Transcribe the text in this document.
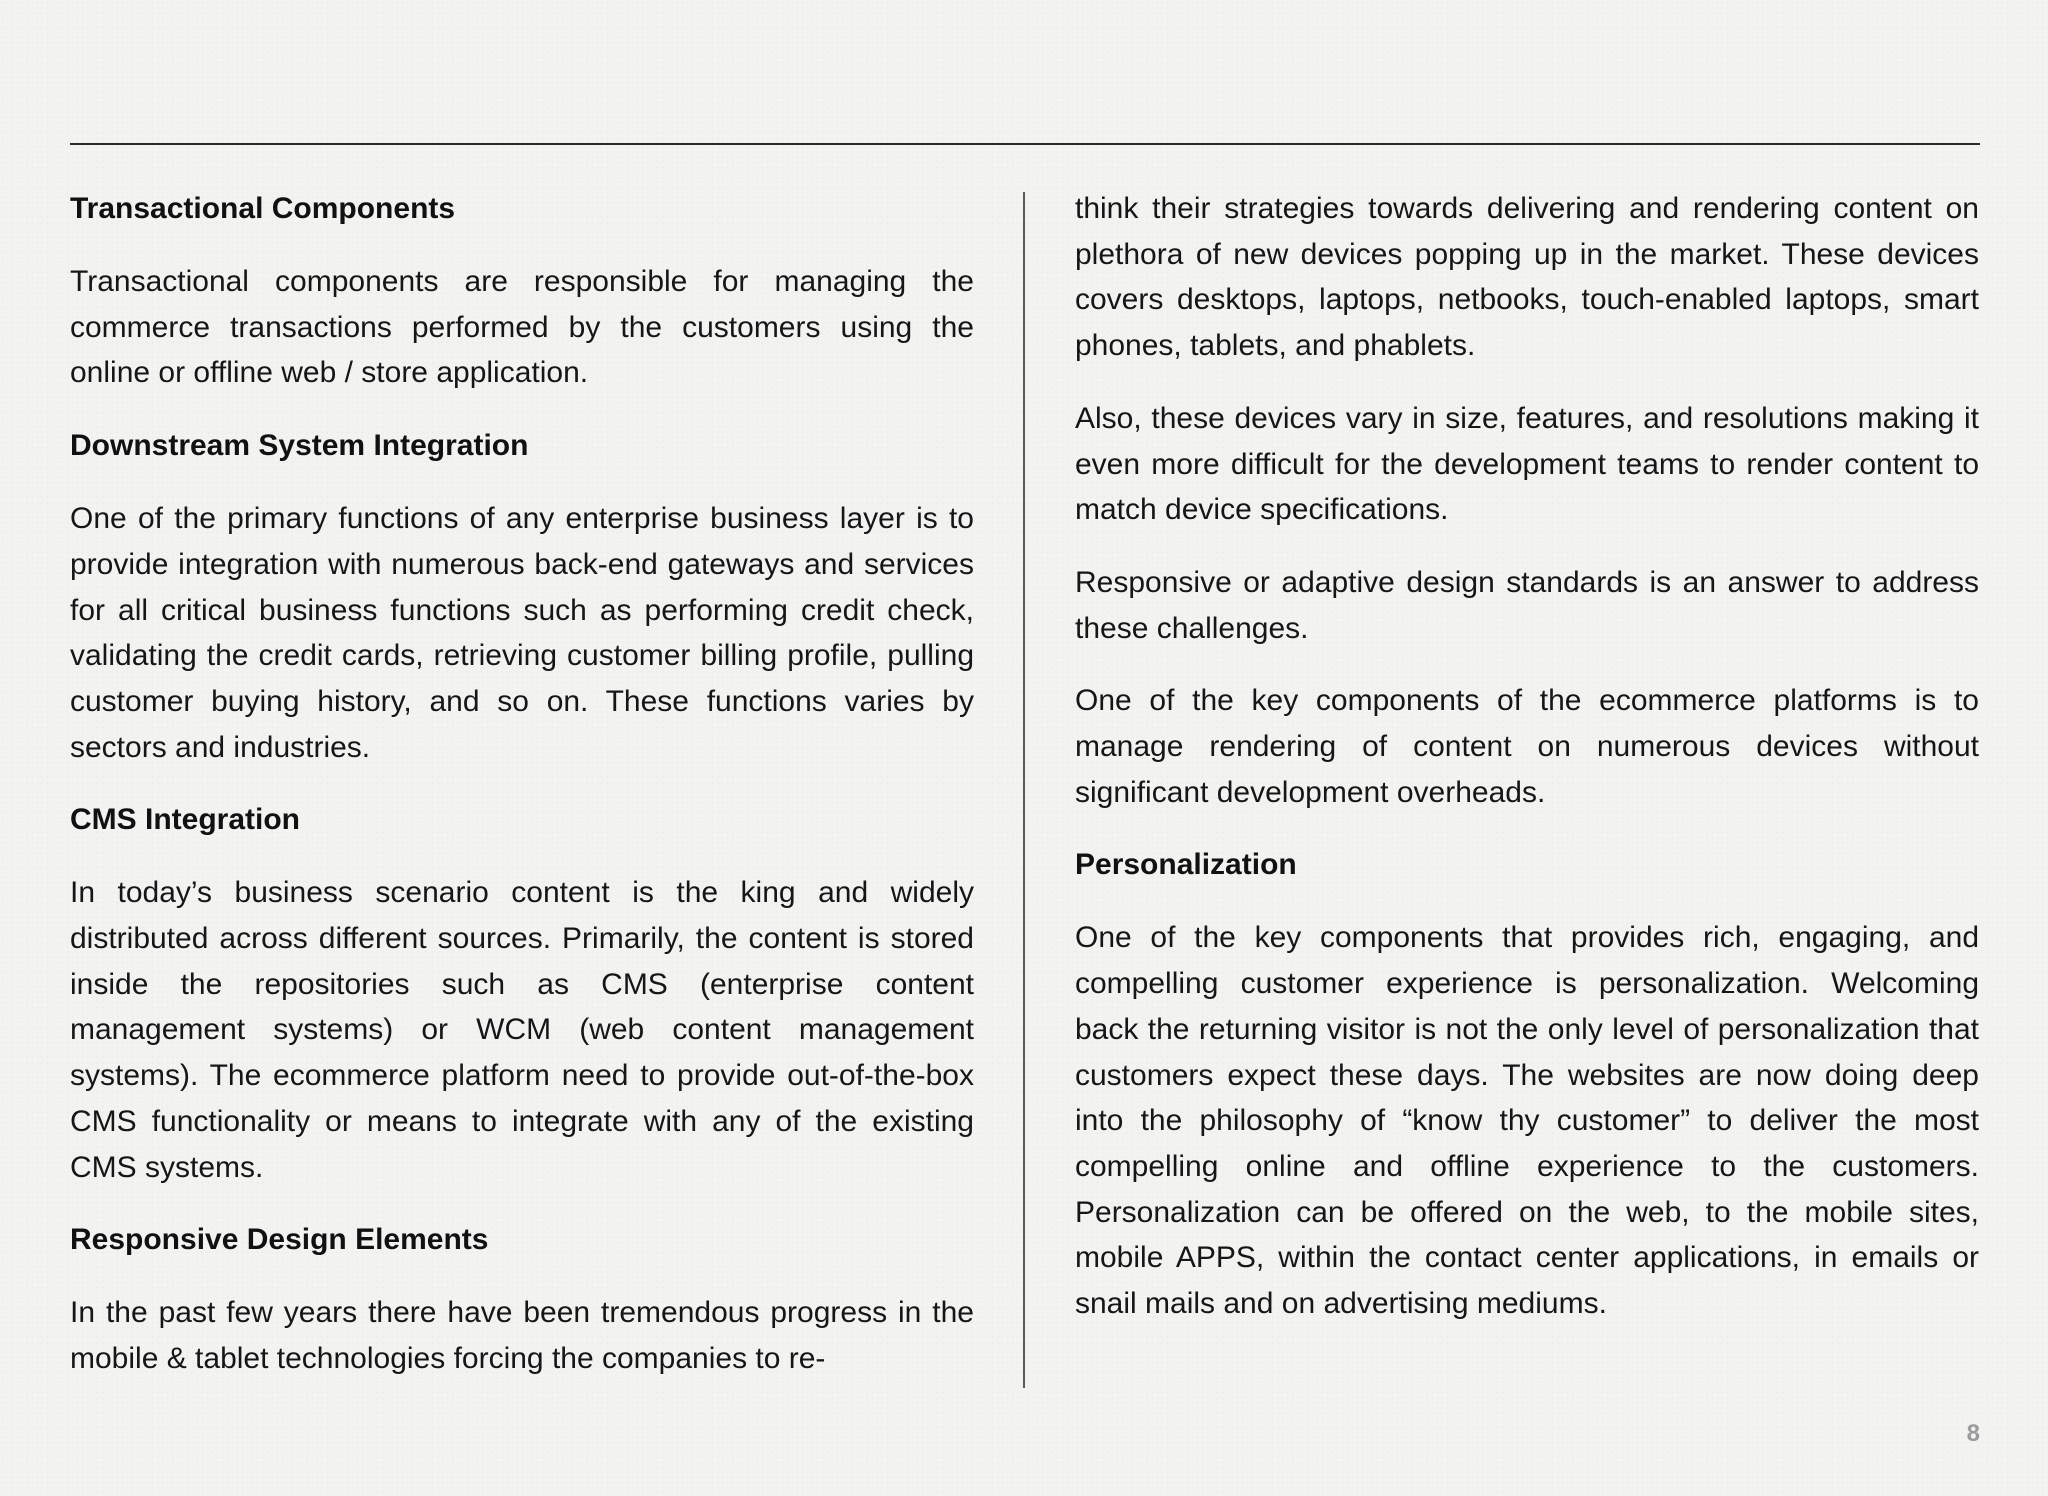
Transactional Components

Transactional components are responsible for managing the commerce transactions performed by the customers using the online or offline web / store application.

Downstream System Integration

One of the primary functions of any enterprise business layer is to provide integration with numerous back-end gateways and services for all critical business functions such as performing credit check, validating the credit cards, retrieving customer billing profile, pulling customer buying history, and so on. These functions varies by sectors and industries.

CMS Integration

In today’s business scenario content is the king and widely distributed across different sources. Primarily, the content is stored inside the repositories such as CMS (enterprise content management systems) or WCM (web content management systems). The ecommerce platform need to provide out-of-the-box CMS functionality or means to integrate with any of the existing CMS systems.

Responsive Design Elements

In the past few years there have been tremendous progress in the mobile & tablet technologies forcing the companies to re-

think their strategies towards delivering and rendering content on plethora of new devices popping up in the market. These devices covers desktops, laptops, netbooks, touch-enabled laptops, smart phones, tablets, and phablets.

Also, these devices vary in size, features, and resolutions making it even more difficult for the development teams to render content to match device specifications.

Responsive or adaptive design standards is an answer to address these challenges.

One of the key components of the ecommerce platforms is to manage rendering of content on numerous devices without significant development overheads.

Personalization

One of the key components that provides rich, engaging, and compelling customer experience is personalization. Welcoming back the returning visitor is not the only level of personalization that customers expect these days. The websites are now doing deep into the philosophy of “know thy customer” to deliver the most compelling online and offline experience to the customers. Personalization can be offered on the web, to the mobile sites, mobile APPS, within the contact center applications, in emails or snail mails and on advertising mediums.

8
